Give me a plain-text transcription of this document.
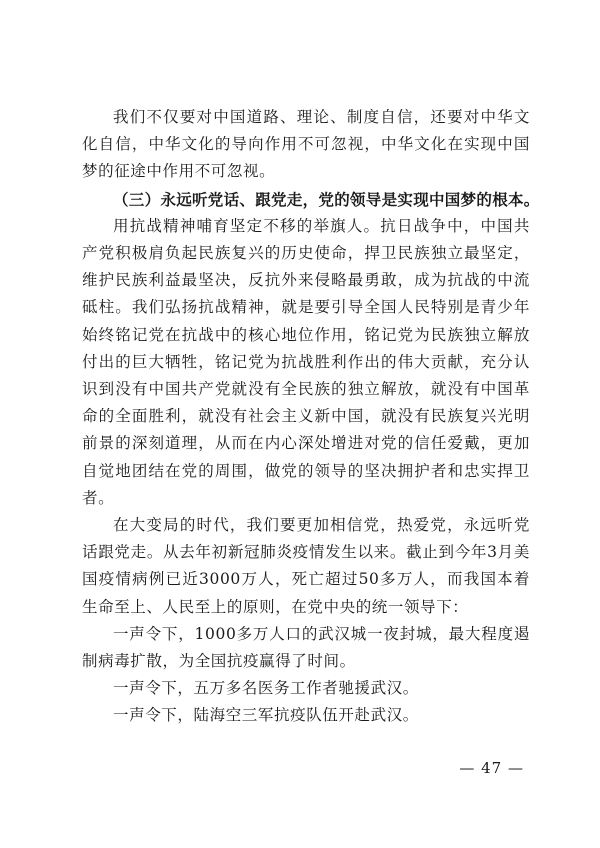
我们不仅要对中国道路、理论、制度自信，还要对中华文化自信，中华文化的导向作用不可忽视，中华文化在实现中国梦的征途中作用不可忽视。

（三）永远听党话、跟党走，党的领导是实现中国梦的根本。

用抗战精神哺育坚定不移的举旗人。抗日战争中，中国共产党积极肩负起民族复兴的历史使命，捍卫民族独立最坚定，维护民族利益最坚决，反抗外来侵略最勇敢，成为抗战的中流砥柱。我们弘扬抗战精神，就是要引导全国人民特别是青少年始终铭记党在抗战中的核心地位作用，铭记党为民族独立解放付出的巨大牺牲，铭记党为抗战胜利作出的伟大贡献，充分认识到没有中国共产党就没有全民族的独立解放，就没有中国革命的全面胜利，就没有社会主义新中国，就没有民族复兴光明前景的深刻道理，从而在内心深处增进对党的信任爱戴，更加自觉地团结在党的周围，做党的领导的坚决拥护者和忠实捍卫者。

在大变局的时代，我们要更加相信党，热爱党，永远听党话跟党走。从去年初新冠肺炎疫情发生以来。截止到今年3月美国疫情病例已近3000万人，死亡超过50多万人，而我国本着生命至上、人民至上的原则，在党中央的统一领导下：

一声令下，1000多万人口的武汉城一夜封城，最大程度遏制病毒扩散，为全国抗疫赢得了时间。

一声令下，五万多名医务工作者驰援武汉。

一声令下，陆海空三军抗疫队伍开赴武汉。

— 47 —
